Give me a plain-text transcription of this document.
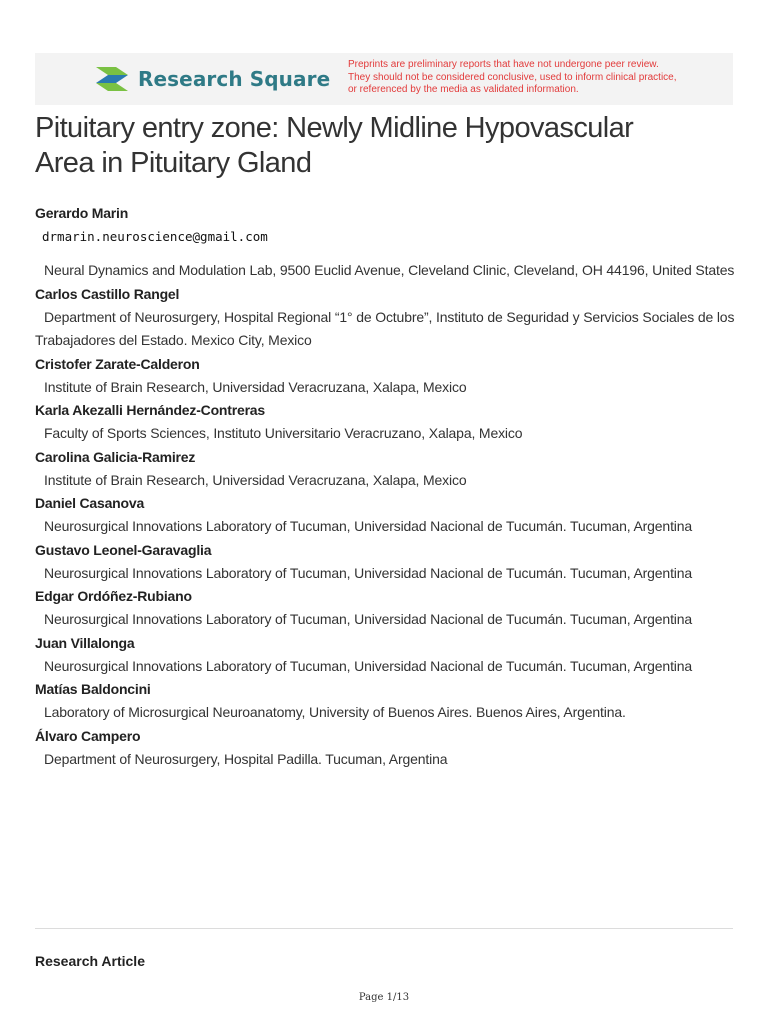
Research Square
Preprints are preliminary reports that have not undergone peer review.
They should not be considered conclusive, used to inform clinical practice,
or referenced by the media as validated information.
Pituitary entry zone: Newly Midline Hypovascular
Area in Pituitary Gland
Gerardo Marin
drmarin.neuroscience@gmail.com
Neural Dynamics and Modulation Lab, 9500 Euclid Avenue, Cleveland Clinic, Cleveland, OH 44196, United States
Carlos Castillo Rangel
Department of Neurosurgery, Hospital Regional “1° de Octubre”, Instituto de Seguridad y Servicios Sociales de los Trabajadores del Estado. Mexico City, Mexico
Cristofer Zarate-Calderon
Institute of Brain Research, Universidad Veracruzana, Xalapa, Mexico
Karla Akezalli Hernández-Contreras
Faculty of Sports Sciences, Instituto Universitario Veracruzano, Xalapa, Mexico
Carolina Galicia-Ramirez
Institute of Brain Research, Universidad Veracruzana, Xalapa, Mexico
Daniel Casanova
Neurosurgical Innovations Laboratory of Tucuman, Universidad Nacional de Tucumán. Tucuman, Argentina
Gustavo Leonel-Garavaglia
Neurosurgical Innovations Laboratory of Tucuman, Universidad Nacional de Tucumán. Tucuman, Argentina
Edgar Ordóñez-Rubiano
Neurosurgical Innovations Laboratory of Tucuman, Universidad Nacional de Tucumán. Tucuman, Argentina
Juan Villalonga
Neurosurgical Innovations Laboratory of Tucuman, Universidad Nacional de Tucumán. Tucuman, Argentina
Matías Baldoncini
Laboratory of Microsurgical Neuroanatomy, University of Buenos Aires. Buenos Aires, Argentina.
Álvaro Campero
Department of Neurosurgery, Hospital Padilla. Tucuman, Argentina
Research Article
Page 1/13
